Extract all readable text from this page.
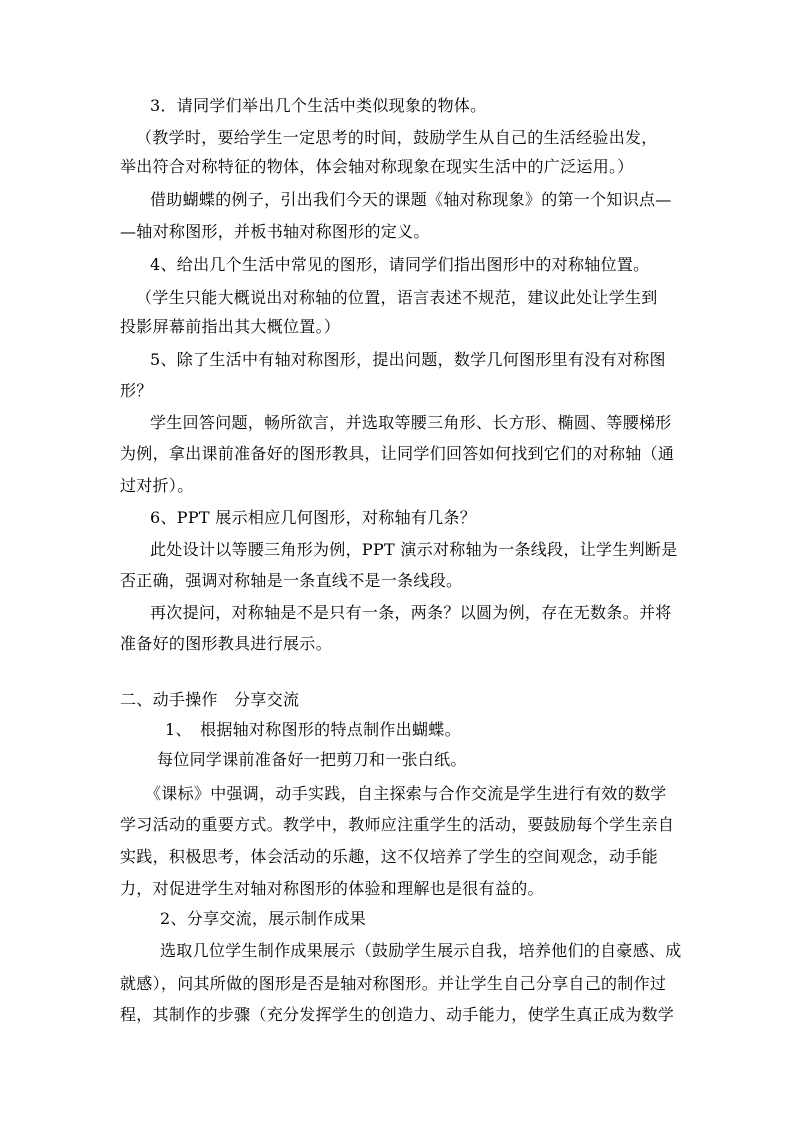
3．请同学们举出几个生活中类似现象的物体。
（教学时，要给学生一定思考的时间，鼓励学生从自己的生活经验出发，
举出符合对称特征的物体，体会轴对称现象在现实生活中的广泛运用。）
借助蝴蝶的例子，引出我们今天的课题《轴对称现象》的第一个知识点—
—轴对称图形，并板书轴对称图形的定义。
4、给出几个生活中常见的图形，请同学们指出图形中的对称轴位置。
（学生只能大概说出对称轴的位置，语言表述不规范，建议此处让学生到
投影屏幕前指出其大概位置。）
5、除了生活中有轴对称图形，提出问题，数学几何图形里有没有对称图
形？
学生回答问题，畅所欲言，并选取等腰三角形、长方形、椭圆、等腰梯形
为例，拿出课前准备好的图形教具，让同学们回答如何找到它们的对称轴（通
过对折）。
6、PPT 展示相应几何图形，对称轴有几条？
此处设计以等腰三角形为例，PPT 演示对称轴为一条线段，让学生判断是
否正确，强调对称轴是一条直线不是一条线段。
再次提问，对称轴是不是只有一条，两条？以圆为例，存在无数条。并将
准备好的图形教具进行展示。
二、动手操作　分享交流
1、　根据轴对称图形的特点制作出蝴蝶。
每位同学课前准备好一把剪刀和一张白纸。
《课标》中强调，动手实践，自主探索与合作交流是学生进行有效的数学
学习活动的重要方式。教学中，教师应注重学生的活动，要鼓励每个学生亲自
实践，积极思考，体会活动的乐趣，这不仅培养了学生的空间观念，动手能
力，对促进学生对轴对称图形的体验和理解也是很有益的。
2、分享交流，展示制作成果
选取几位学生制作成果展示（鼓励学生展示自我，培养他们的自豪感、成
就感），问其所做的图形是否是轴对称图形。并让学生自己分享自己的制作过
程，其制作的步骤（充分发挥学生的创造力、动手能力，使学生真正成为数学
